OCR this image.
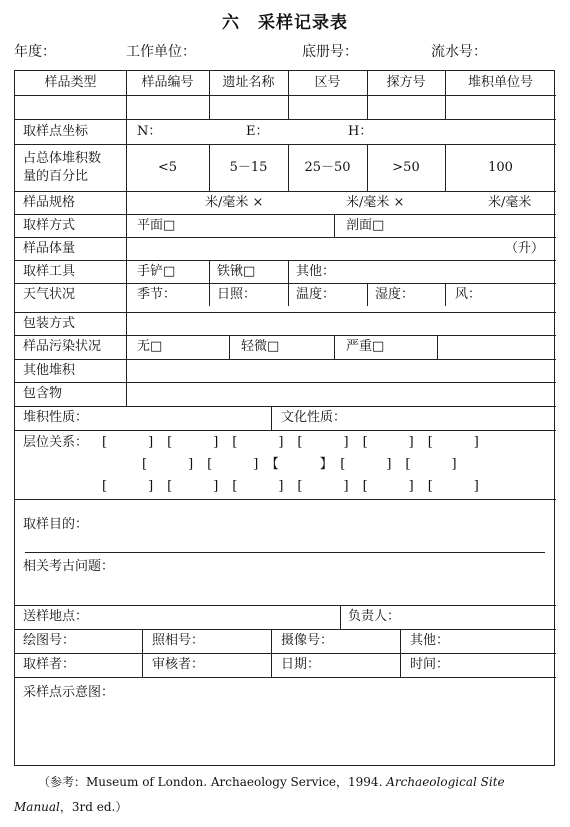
六　采样记录表
年度：	工作单位：	底册号：	流水号：
样品类型	样品编号	遗址名称	区号	探方号	堆积单位号
取样点坐标	N：	E：	H：
占总体堆积数
量的百分比
<5	5－15	25－50	>50	100
样品规格	米/毫米 ×	米/毫米 ×	米/毫米
取样方式	平面□	剖面□
样品体量	（升）
取样工具	手铲□	铁锹□	其他：
天气状况	季节：	日照：	温度：	湿度：	风：
包装方式
样品污染状况	无□	轻微□	严重□
其他堆积
包含物
堆积性质：	文化性质：
层位关系： [　　　]　[　　　]　[　　　]　[　　　]　[　　　]　[　　　]
[　　　]　[　　　]　【　　　】　[　　　]　[　　　]
[　　　]　[　　　]　[　　　]　[　　　]　[　　　]　[　　　]
取样目的：
相关考古问题：
送样地点：	负责人：
绘图号：	照相号：	摄像号：	其他：
取样者：	审核者：	日期：	时间：
采样点示意图：
（参考：Museum of London. Archaeology Service，1994. Archaeological Site
Manual，3rd ed.）
